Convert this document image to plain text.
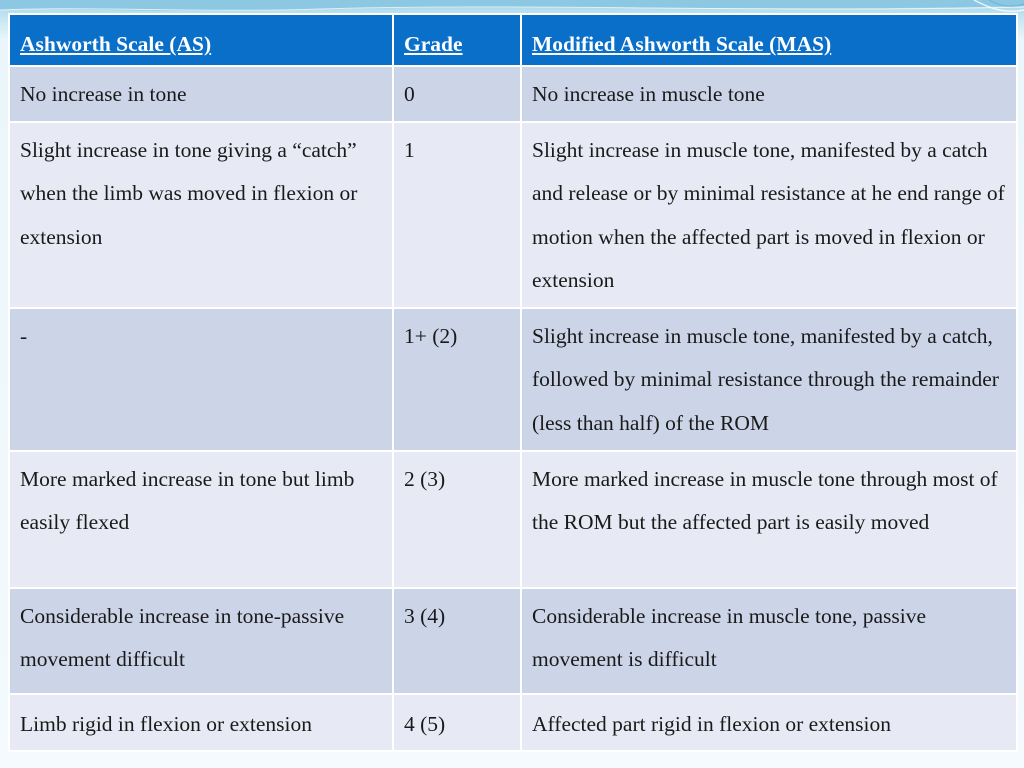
Ashworth Scale (AS)	Grade	Modified Ashworth Scale (MAS)

No increase in tone	0	No increase in muscle tone

Slight increase in tone giving a “catch” when the limb was moved in flexion or extension	1	Slight increase in muscle tone, manifested by a catch and release or by minimal resistance at he end range of motion when the affected part is moved in flexion or extension

-	1+ (2)	Slight increase in muscle tone, manifested by a catch, followed by minimal resistance through the remainder (less than half) of the ROM

More marked increase in tone but limb easily flexed	2 (3)	More marked increase in muscle tone through most of the ROM but the affected part is easily moved

Considerable increase in tone-passive movement difficult	3 (4)	Considerable increase in muscle tone, passive movement is difficult

Limb rigid in flexion or extension	4 (5)	Affected part rigid in flexion or extension
